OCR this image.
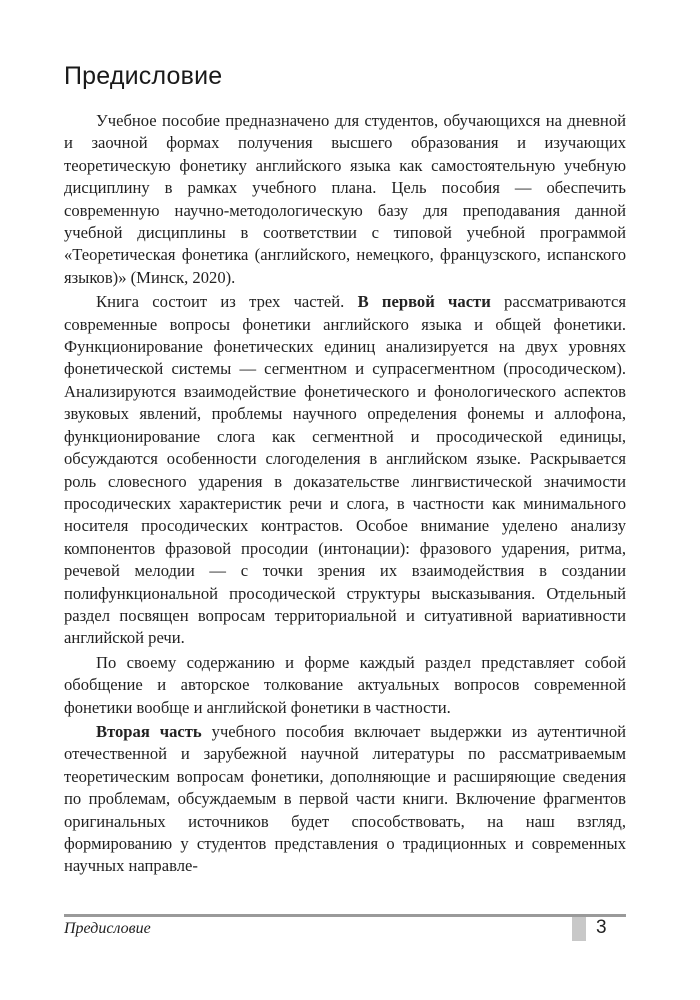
Предисловие

Учебное пособие предназначено для студентов, обучающихся на дневной и заочной формах получения высшего образования и изучающих теоретическую фонетику английского языка как самостоятельную учебную дисциплину в рамках учебного плана. Цель пособия — обеспечить современную научно-методологическую базу для преподавания данной учебной дисциплины в соответствии с типовой учебной программой «Теоретическая фонетика (английского, немецкого, французского, испанского языков)» (Минск, 2020).

Книга состоит из трех частей. В первой части рассматриваются современные вопросы фонетики английского языка и общей фонетики. Функционирование фонетических единиц анализируется на двух уровнях фонетической системы — сегментном и супрасегментном (просодическом). Анализируются взаимодействие фонетического и фонологического аспектов звуковых явлений, проблемы научного определения фонемы и аллофона, функционирование слога как сегментной и просодической единицы, обсуждаются особенности слогоделения в английском языке. Раскрывается роль словесного ударения в доказательстве лингвистической значимости просодических характеристик речи и слога, в частности как минимального носителя просодических контрастов. Особое внимание уделено анализу компонентов фразовой просодии (интонации): фразового ударения, ритма, речевой мелодии — с точки зрения их взаимодействия в создании полифункциональной просодической структуры высказывания. Отдельный раздел посвящен вопросам территориальной и ситуативной вариативности английской речи.

По своему содержанию и форме каждый раздел представляет собой обобщение и авторское толкование актуальных вопросов современной фонетики вообще и английской фонетики в частности.

Вторая часть учебного пособия включает выдержки из аутентичной отечественной и зарубежной научной литературы по рассматриваемым теоретическим вопросам фонетики, дополняющие и расширяющие сведения по проблемам, обсуждаемым в первой части книги. Включение фрагментов оригинальных источников будет способствовать, на наш взгляд, формированию у студентов представления о традиционных и современных научных направле-

Предисловие	3
